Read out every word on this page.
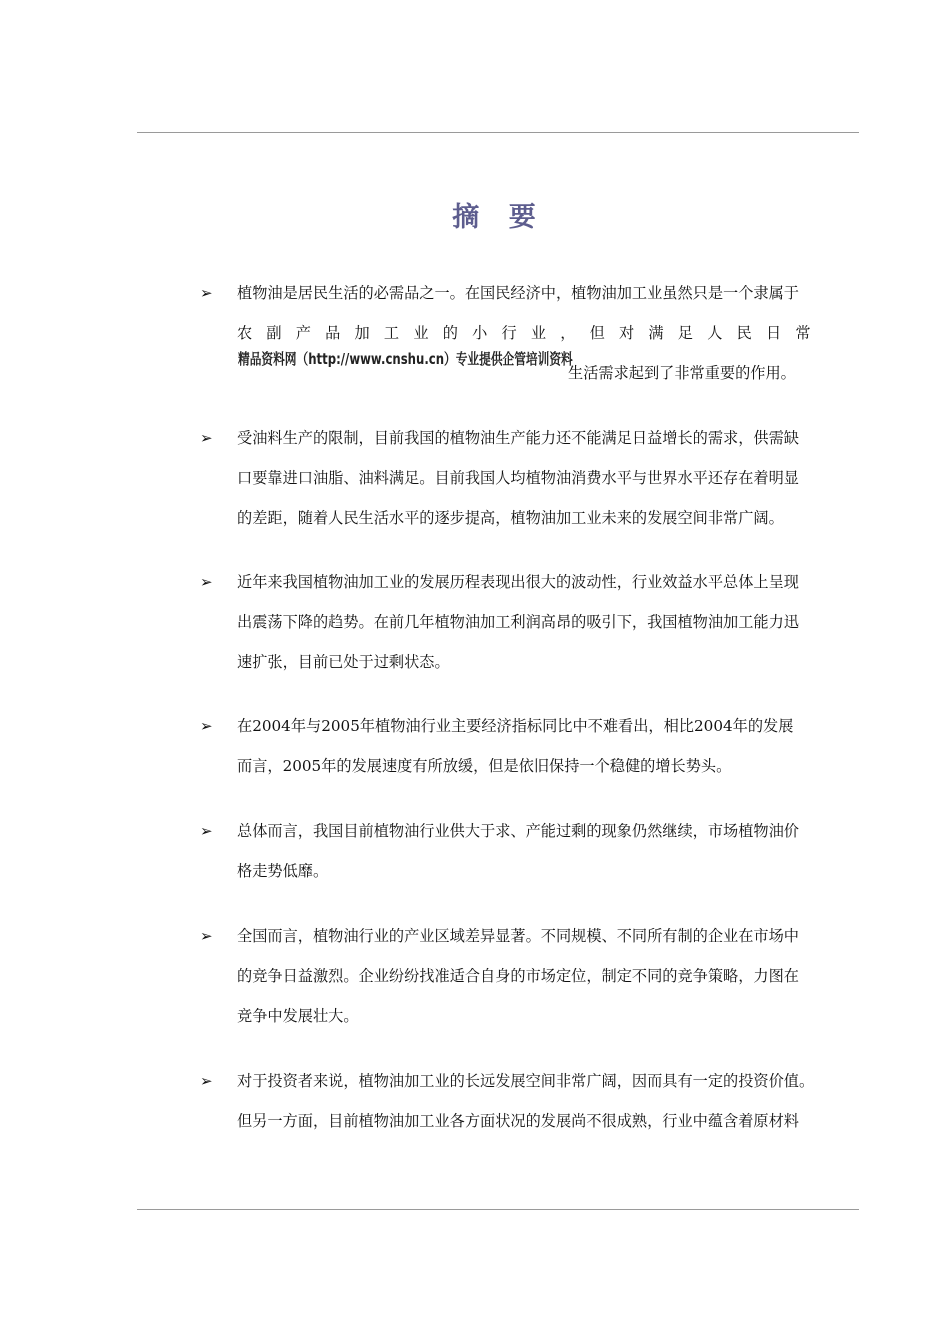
摘 要
➢	植物油是居民生活的必需品之一。在国民经济中，植物油加工业虽然只是一个隶属于
农副产品加工业的小行业，但对满足人民日常
生活需求起到了非常重要的作用。
精品资料网（http://www.cnshu.cn）专业提供企管培训资料
➢	受油料生产的限制，目前我国的植物油生产能力还不能满足日益增长的需求，供需缺
口要靠进口油脂、油料满足。目前我国人均植物油消费水平与世界水平还存在着明显
的差距，随着人民生活水平的逐步提高，植物油加工业未来的发展空间非常广阔。
➢	近年来我国植物油加工业的发展历程表现出很大的波动性，行业效益水平总体上呈现
出震荡下降的趋势。在前几年植物油加工利润高昂的吸引下，我国植物油加工能力迅
速扩张，目前已处于过剩状态。
➢	在2004年与2005年植物油行业主要经济指标同比中不难看出，相比2004年的发展
而言，2005年的发展速度有所放缓，但是依旧保持一个稳健的增长势头。
➢	总体而言，我国目前植物油行业供大于求、产能过剩的现象仍然继续，市场植物油价
格走势低靡。
➢	全国而言，植物油行业的产业区域差异显著。不同规模、不同所有制的企业在市场中
的竞争日益激烈。企业纷纷找准适合自身的市场定位，制定不同的竞争策略，力图在
竞争中发展壮大。
➢	对于投资者来说，植物油加工业的长远发展空间非常广阔，因而具有一定的投资价值。
但另一方面，目前植物油加工业各方面状况的发展尚不很成熟，行业中蕴含着原材料
